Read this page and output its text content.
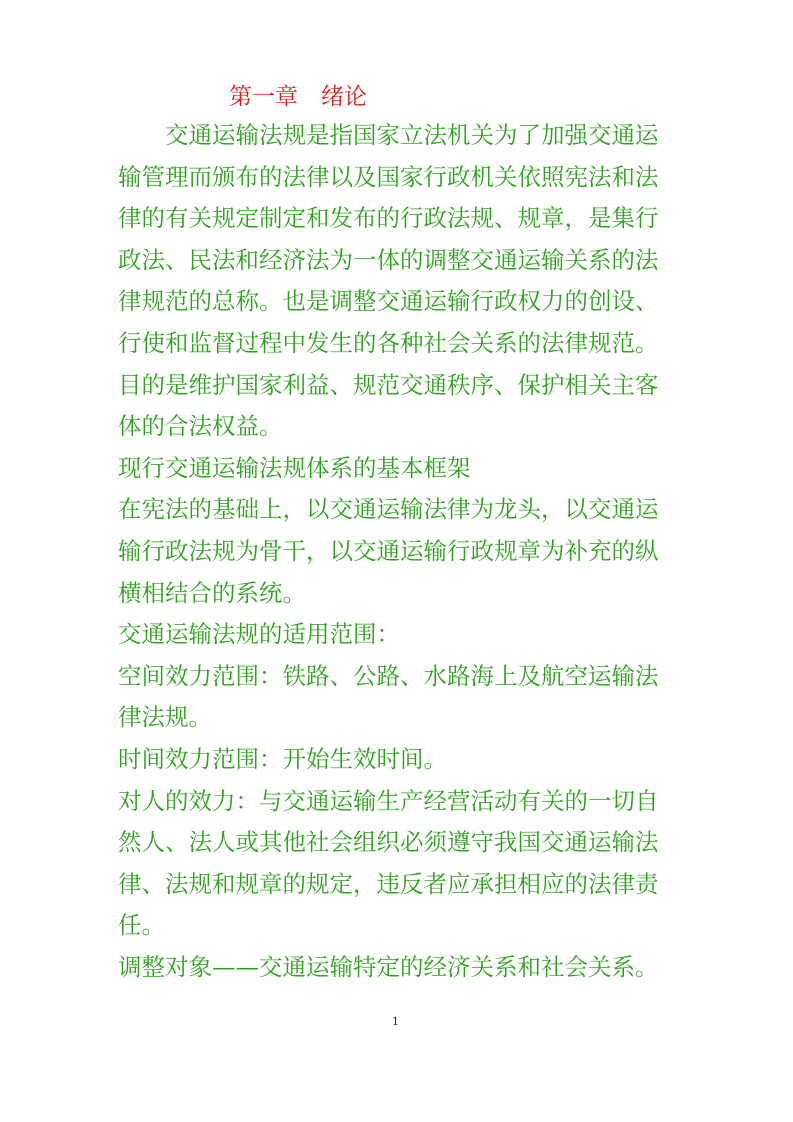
第一章　绪论
　　交通运输法规是指国家立法机关为了加强交通运
输管理而颁布的法律以及国家行政机关依照宪法和法
律的有关规定制定和发布的行政法规、规章，是集行
政法、民法和经济法为一体的调整交通运输关系的法
律规范的总称。也是调整交通运输行政权力的创设、
行使和监督过程中发生的各种社会关系的法律规范。
目的是维护国家利益、规范交通秩序、保护相关主客
体的合法权益。
现行交通运输法规体系的基本框架
在宪法的基础上，以交通运输法律为龙头，以交通运
输行政法规为骨干，以交通运输行政规章为补充的纵
横相结合的系统。
交通运输法规的适用范围：
空间效力范围：铁路、公路、水路海上及航空运输法
律法规。
时间效力范围：开始生效时间。
对人的效力：与交通运输生产经营活动有关的一切自
然人、法人或其他社会组织必须遵守我国交通运输法
律、法规和规章的规定，违反者应承担相应的法律责
任。
调整对象——交通运输特定的经济关系和社会关系。
1
